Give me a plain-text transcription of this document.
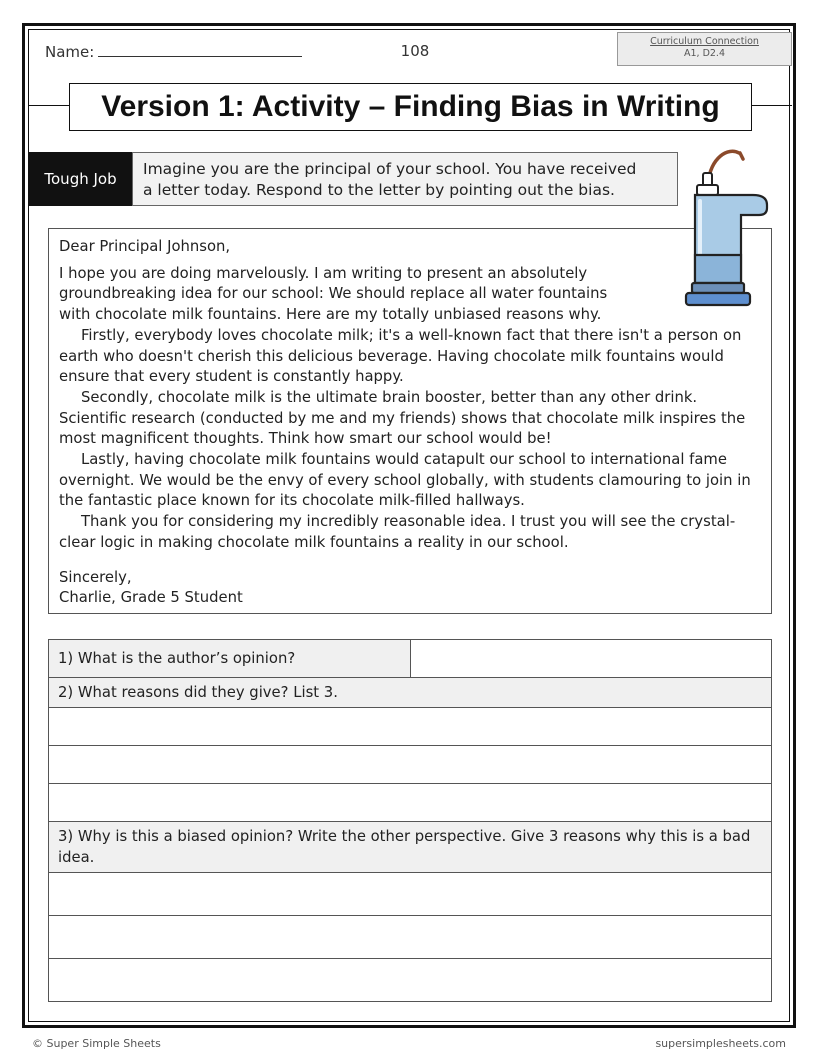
Name:	108
Curriculum Connection
A1, D2.4
Version 1: Activity – Finding Bias in Writing
Tough Job
Imagine you are the principal of your school. You have received
a letter today. Respond to the letter by pointing out the bias.

Dear Principal Johnson,

I hope you are doing marvelously. I am writing to present an absolutely

groundbreaking idea for our school: We should replace all water fountains

with chocolate milk fountains. Here are my totally unbiased reasons why.

Firstly, everybody loves chocolate milk; it's a well-known fact that there isn't a person on earth who doesn't cherish this delicious beverage. Having chocolate milk fountains would ensure that every student is constantly happy.

Secondly, chocolate milk is the ultimate brain booster, better than any other drink. Scientific research (conducted by me and my friends) shows that chocolate milk inspires the most magnificent thoughts. Think how smart our school would be!

Lastly, having chocolate milk fountains would catapult our school to international fame overnight. We would be the envy of every school globally, with students clamouring to join in the fantastic place known for its chocolate milk-filled hallways.

Thank you for considering my incredibly reasonable idea. I trust you will see the crystal-clear logic in making chocolate milk fountains a reality in our school.

Sincerely,

Charlie, Grade 5 Student

1) What is the author’s opinion?	
2) What reasons did they give? List 3.

3) Why is this a biased opinion? Write the other perspective. Give 3 reasons why this is a bad idea.

© Super Simple Sheets	supersimplesheets.com
